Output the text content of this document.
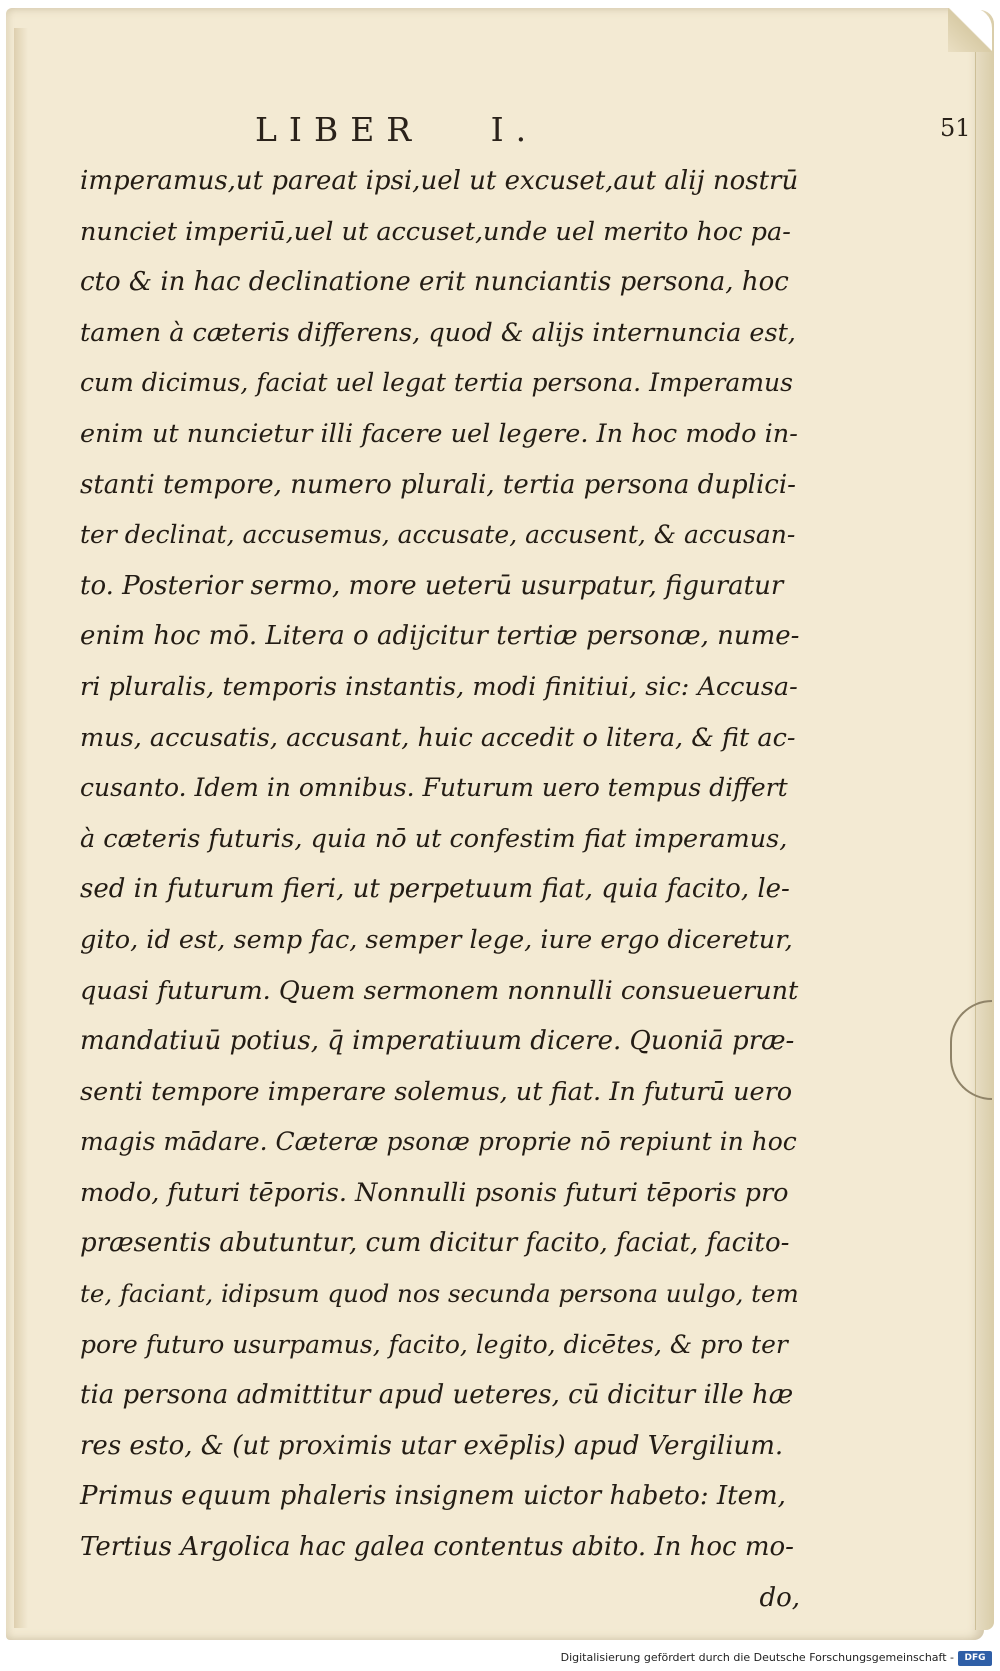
LIBER   I.	51
imperamus,ut pareat ipsi,uel ut excuset,aut alij nostrū
nunciet imperiū,uel ut accuset,unde uel merito hoc pa-
cto & in hac declinatione erit nunciantis persona, hoc
tamen à cæteris differens, quod & alijs internuncia est,
cum dicimus, faciat uel legat tertia persona. Imperamus
enim ut nuncietur illi facere uel legere. In hoc modo in-
stanti tempore, numero plurali, tertia persona duplici-
ter declinat, accusemus, accusate, accusent, & accusan-
to. Posterior sermo, more ueterū usurpatur, figuratur
enim hoc mō. Litera o adijcitur tertiæ personæ, nume-
ri pluralis, temporis instantis, modi finitiui, sic: Accusa-
mus, accusatis, accusant, huic accedit o litera, & fit ac-
cusanto. Idem in omnibus. Futurum uero tempus differt
à cæteris futuris, quia nō ut confestim fiat imperamus,
sed in futurum fieri, ut perpetuum fiat, quia facito, le-
gito, id est, semp fac, semper lege, iure ergo diceretur,
quasi futurum. Quem sermonem nonnulli consueuerunt
mandatiuū potius, q̄ imperatiuum dicere. Quoniā præ-
senti tempore imperare solemus, ut fiat. In futurū uero
magis mādare. Cæteræ psonæ proprie nō repiunt in hoc
modo, futuri tēporis. Nonnulli psonis futuri tēporis pro
præsentis abutuntur, cum dicitur facito, faciat, facito-
te, faciant, idipsum quod nos secunda persona uulgo, tem
pore futuro usurpamus, facito, legito, dicētes, & pro ter
tia persona admittitur apud ueteres, cū dicitur ille hæ
res esto, & (ut proximis utar exēplis) apud Vergilium.
Primus equum phaleris insignem uictor habeto: Item,
Tertius Argolica hac galea contentus abito. In hoc mo-
do,
Digitalisierung gefördert durch die Deutsche Forschungsgemeinschaft -	DFG
